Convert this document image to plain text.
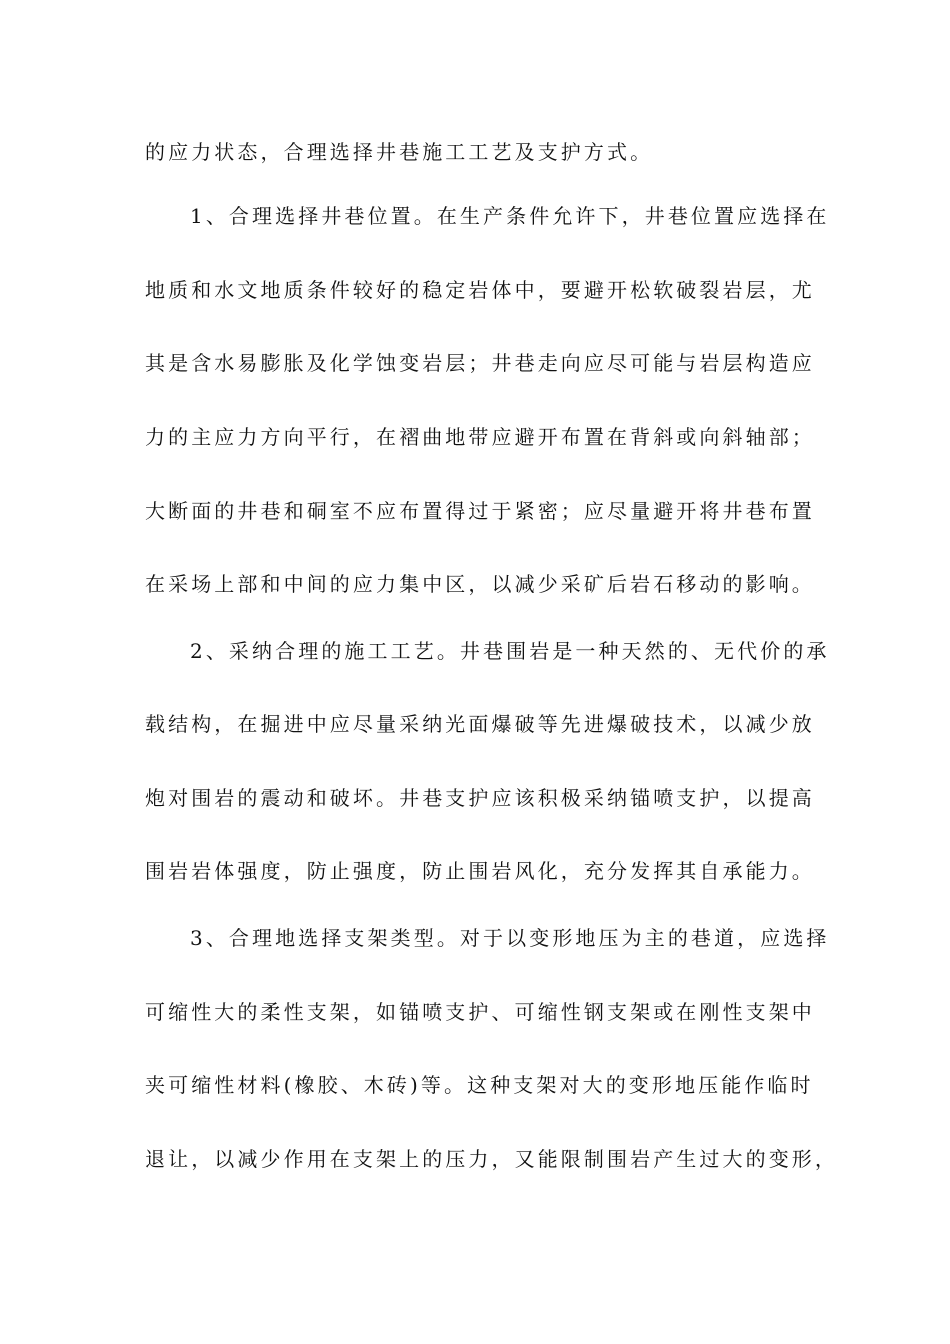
的应力状态，合理选择井巷施工工艺及支护方式。
1、合理选择井巷位置。在生产条件允许下，井巷位置应选择在
地质和水文地质条件较好的稳定岩体中，要避开松软破裂岩层，尤
其是含水易膨胀及化学蚀变岩层；井巷走向应尽可能与岩层构造应
力的主应力方向平行，在褶曲地带应避开布置在背斜或向斜轴部；
大断面的井巷和硐室不应布置得过于紧密；应尽量避开将井巷布置
在采场上部和中间的应力集中区，以减少采矿后岩石移动的影响。
2、采纳合理的施工工艺。井巷围岩是一种天然的、无代价的承
载结构，在掘进中应尽量采纳光面爆破等先进爆破技术，以减少放
炮对围岩的震动和破坏。井巷支护应该积极采纳锚喷支护，以提高
围岩岩体强度，防止强度，防止围岩风化，充分发挥其自承能力。
3、合理地选择支架类型。对于以变形地压为主的巷道，应选择
可缩性大的柔性支架，如锚喷支护、可缩性钢支架或在刚性支架中
夹可缩性材料(橡胶、木砖)等。这种支架对大的变形地压能作临时
退让，以减少作用在支架上的压力，又能限制围岩产生过大的变形，
